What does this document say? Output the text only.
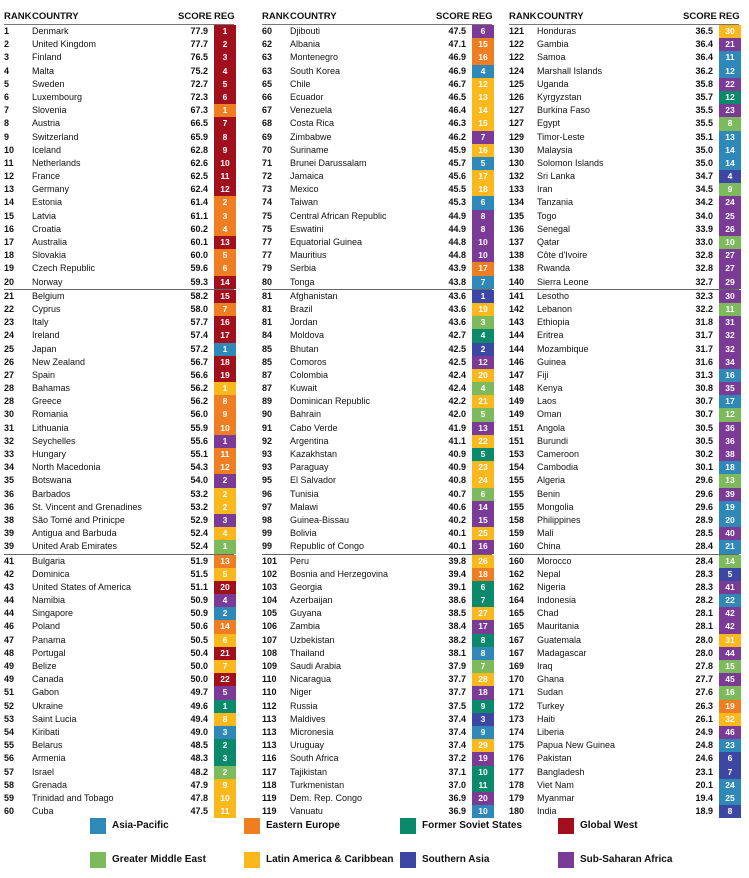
RANK COUNTRY	SCORE REG
1	Denmark	77.9	1
2	United Kingdom	77.7	2
3	Finland	76.5	3
4	Malta	75.2	4
5	Sweden	72.7	5
6	Luxembourg	72.3	6
7	Slovenia	67.3	1
8	Austria	66.5	7
9	Switzerland	65.9	8
10	Iceland	62.8	9
11	Netherlands	62.6	10
12	France	62.5	11
13	Germany	62.4	12
14	Estonia	61.4	2
15	Latvia	61.1	3
16	Croatia	60.2	4
17	Australia	60.1	13
18	Slovakia	60.0	5
19	Czech Republic	59.6	6
20	Norway	59.3	14
21	Belgium	58.2	15
22	Cyprus	58.0	7
23	Italy	57.7	16
24	Ireland	57.4	17
25	Japan	57.2	1
26	New Zealand	56.7	18
27	Spain	56.6	19
28	Bahamas	56.2	1
28	Greece	56.2	8
30	Romania	56.0	9
31	Lithuania	55.9	10
32	Seychelles	55.6	1
33	Hungary	55.1	11
34	North Macedonia	54.3	12
35	Botswana	54.0	2
36	Barbados	53.2	2
36	St. Vincent and Grenadines	53.2	2
38	São Tomé and Prinicpe	52.9	3
39	Antigua and Barbuda	52.4	4
39	United Arab Emirates	52.4	1
41	Bulgaria	51.9	13
42	Dominica	51.5	5
43	United States of America	51.1	20
44	Namibia	50.9	4
44	Singapore	50.9	2
46	Poland	50.6	14
47	Panama	50.5	6
48	Portugal	50.4	21
49	Belize	50.0	7
49	Canada	50.0	22
51	Gabon	49.7	5
52	Ukraine	49.6	1
53	Saint Lucia	49.4	8
54	Kiribati	49.0	3
55	Belarus	48.5	2
56	Armenia	48.3	3
57	Israel	48.2	2
58	Grenada	47.9	9
59	Trinidad and Tobago	47.8	10
60	Cuba	47.5	11
RANK COUNTRY	SCORE REG
60	Djibouti	47.5	6
62	Albania	47.1	15
63	Montenegro	46.9	16
63	South Korea	46.9	4
65	Chile	46.7	12
66	Ecuador	46.5	13
67	Venezuela	46.4	14
68	Costa Rica	46.3	15
69	Zimbabwe	46.2	7
70	Suriname	45.9	16
71	Brunei Darussalam	45.7	5
72	Jamaica	45.6	17
73	Mexico	45.5	18
74	Taiwan	45.3	6
75	Central African Republic	44.9	8
75	Eswatini	44.9	8
77	Equatorial Guinea	44.8	10
77	Mauritius	44.8	10
79	Serbia	43.9	17
80	Tonga	43.8	7
81	Afghanistan	43.6	1
81	Brazil	43.6	19
81	Jordan	43.6	3
84	Moldova	42.7	4
85	Bhutan	42.5	2
85	Comoros	42.5	12
87	Colombia	42.4	20
87	Kuwait	42.4	4
89	Dominican Republic	42.2	21
90	Bahrain	42.0	5
91	Cabo Verde	41.9	13
92	Argentina	41.1	22
93	Kazakhstan	40.9	5
93	Paraguay	40.9	23
95	El Salvador	40.8	24
96	Tunisia	40.7	6
97	Malawi	40.6	14
98	Guinea-Bissau	40.2	15
99	Bolivia	40.1	25
99	Republic of Congo	40.1	16
101	Peru	39.8	26
102	Bosnia and Herzegovina	39.4	18
103	Georgia	39.1	6
104	Azerbaijan	38.6	7
105	Guyana	38.5	27
106	Zambia	38.4	17
107	Uzbekistan	38.2	8
108	Thailand	38.1	8
109	Saudi Arabia	37.9	7
110	Nicaragua	37.7	28
110	Niger	37.7	18
112	Russia	37.5	9
113	Maldives	37.4	3
113	Micronesia	37.4	9
113	Uruguay	37.4	29
116	South Africa	37.2	19
117	Tajikistan	37.1	10
118	Turkmenistan	37.0	11
119	Dem. Rep. Congo	36.9	20
119	Vanuatu	36.9	10
RANK COUNTRY	SCORE REG
121	Honduras	36.5	30
122	Gambia	36.4	21
122	Samoa	36.4	11
124	Marshall Islands	36.2	12
125	Uganda	35.8	22
126	Kyrgyzstan	35.7	12
127	Burkina Faso	35.5	23
127	Egypt	35.5	8
129	Timor-Leste	35.1	13
130	Malaysia	35.0	14
130	Solomon Islands	35.0	14
132	Sri Lanka	34.7	4
133	Iran	34.5	9
134	Tanzania	34.2	24
135	Togo	34.0	25
136	Senegal	33.9	26
137	Qatar	33.0	10
138	Côte d'Ivoire	32.8	27
138	Rwanda	32.8	27
140	Sierra Leone	32.7	29
141	Lesotho	32.3	30
142	Lebanon	32.2	11
143	Ethiopia	31.8	31
144	Eritrea	31.7	32
144	Mozambique	31.7	32
146	Guinea	31.6	34
147	Fiji	31.3	16
148	Kenya	30.8	35
149	Laos	30.7	17
149	Oman	30.7	12
151	Angola	30.5	36
151	Burundi	30.5	36
153	Cameroon	30.2	38
154	Cambodia	30.1	18
155	Algeria	29.6	13
155	Benin	29.6	39
155	Mongolia	29.6	19
158	Philippines	28.9	20
159	Mali	28.5	40
160	China	28.4	21
160	Morocco	28.4	14
162	Nepal	28.3	5
162	Nigeria	28.3	41
164	Indonesia	28.2	22
165	Chad	28.1	42
165	Mauritania	28.1	42
167	Guatemala	28.0	31
167	Madagascar	28.0	44
169	Iraq	27.8	15
170	Ghana	27.7	45
171	Sudan	27.6	16
172	Turkey	26.3	19
173	Haiti	26.1	32
174	Liberia	24.9	46
175	Papua New Guinea	24.8	23
176	Pakistan	24.6	6
177	Bangladesh	23.1	7
178	Viet Nam	20.1	24
179	Myanmar	19.4	25
180	India	18.9	8
Asia-Pacific	Eastern Europe	Former Soviet States	Global West
Greater Middle East	Latin America & Caribbean	Southern Asia	Sub-Saharan Africa
